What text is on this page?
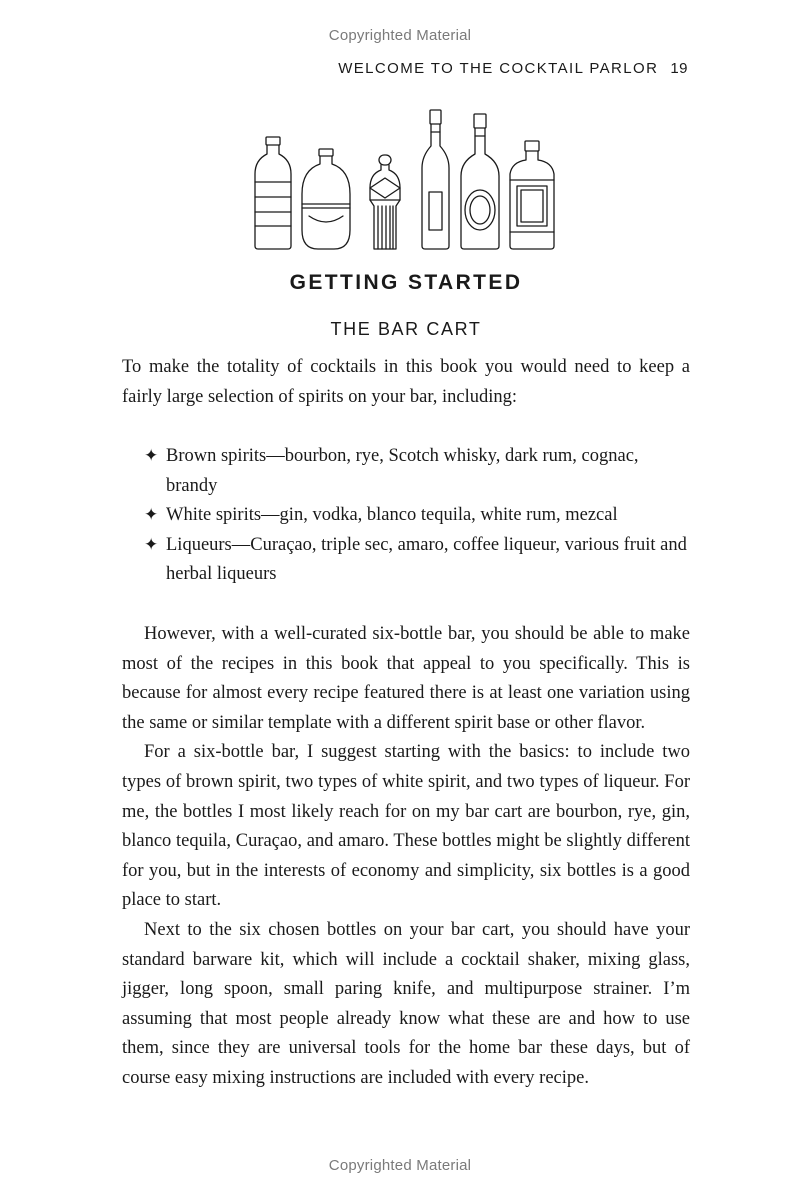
Copyrighted Material
WELCOME TO THE COCKTAIL PARLOR 19
GETTING STARTED
THE BAR CART

To make the totality of cocktails in this book you would need to keep a fairly large selection of spirits on your bar, including:

✦ Brown spirits—bourbon, rye, Scotch whisky, dark rum, cognac, brandy
✦ White spirits—gin, vodka, blanco tequila, white rum, mezcal
✦ Liqueurs—Curaçao, triple sec, amaro, coffee liqueur, various fruit and herbal liqueurs

However, with a well-curated six-bottle bar, you should be able to make most of the recipes in this book that appeal to you specifically. This is because for almost every recipe featured there is at least one variation using the same or similar template with a different spirit base or other flavor.

For a six-bottle bar, I suggest starting with the basics: to include two types of brown spirit, two types of white spirit, and two types of liqueur. For me, the bottles I most likely reach for on my bar cart are bourbon, rye, gin, blanco tequila, Curaçao, and amaro. These bottles might be slightly different for you, but in the interests of economy and simplicity, six bottles is a good place to start.

Next to the six chosen bottles on your bar cart, you should have your standard barware kit, which will include a cocktail shaker, mixing glass, jigger, long spoon, small paring knife, and multipurpose strainer. I’m assuming that most people already know what these are and how to use them, since they are universal tools for the home bar these days, but of course easy mixing instructions are included with every recipe.

Copyrighted Material
